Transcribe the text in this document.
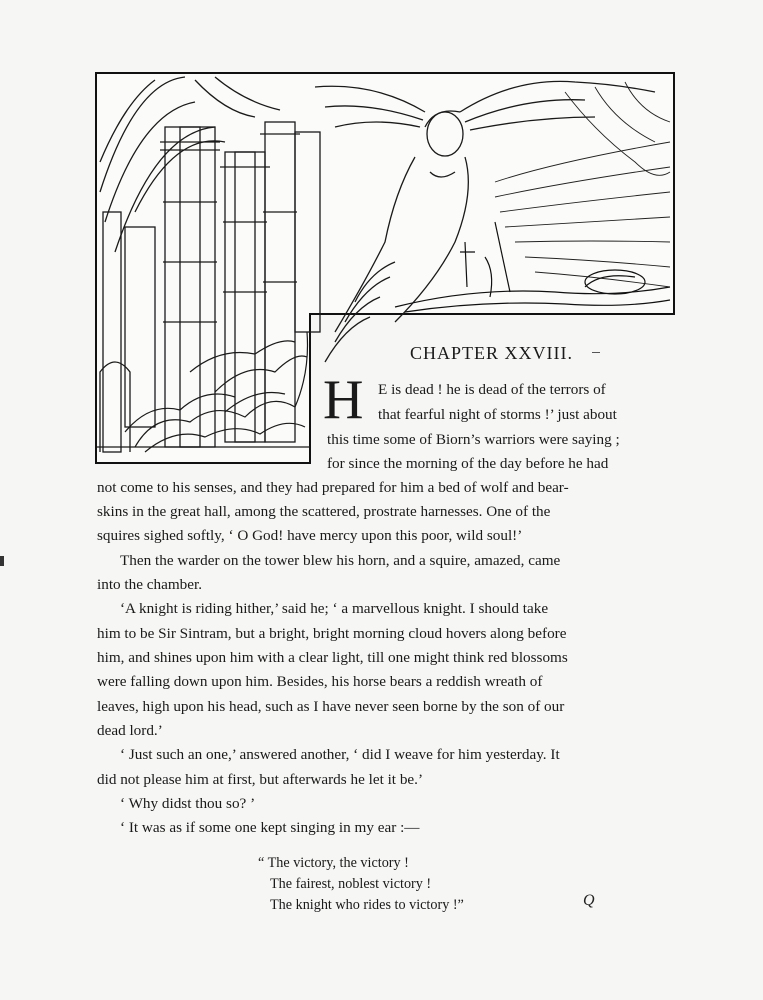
CHAPTER XXVIII.
H E is dead ! he is dead of the terrors of
that fearful night of storms !’ just about
this time some of Biorn’s warriors were saying ;
for since the morning of the day before he had
not come to his senses, and they had prepared for him a bed of wolf and bear-
skins in the great hall, among the scattered, prostrate harnesses. One of the
squires sighed softly, ‘ O God! have mercy upon this poor, wild soul!’
Then the warder on the tower blew his horn, and a squire, amazed, came
into the chamber.
‘A knight is riding hither,’ said he; ‘ a marvellous knight. I should take
him to be Sir Sintram, but a bright, bright morning cloud hovers along before
him, and shines upon him with a clear light, till one might think red blossoms
were falling down upon him. Besides, his horse bears a reddish wreath of
leaves, high upon his head, such as I have never seen borne by the son of our
dead lord.’
‘ Just such an one,’ answered another, ‘ did I weave for him yesterday. It
did not please him at first, but afterwards he let it be.’
‘ Why didst thou so? ’
‘ It was as if some one kept singing in my ear :—
“ The victory, the victory !
The fairest, noblest victory !
The knight who rides to victory !”	Q
